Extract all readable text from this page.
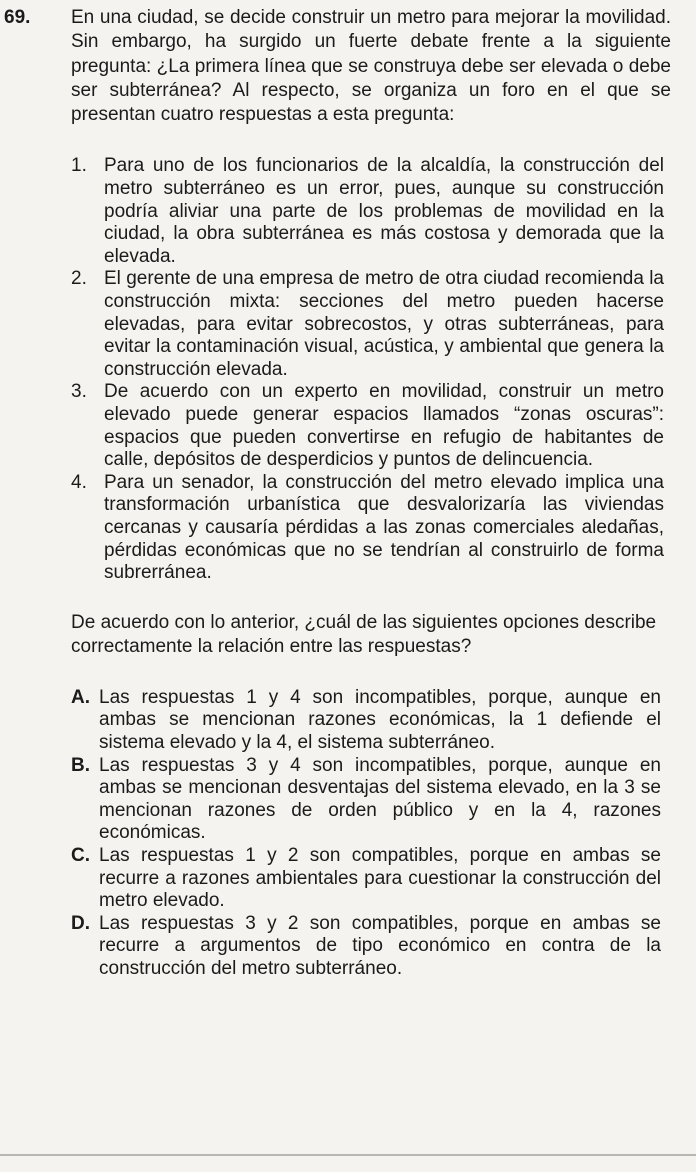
69. En una ciudad, se decide construir un metro para mejorar la movilidad. Sin embargo, ha surgido un fuerte debate frente a la siguiente pregunta: ¿La primera línea que se construya debe ser elevada o debe ser subterránea? Al respecto, se organiza un foro en el que se presentan cuatro respuestas a esta pregunta:

1. Para uno de los funcionarios de la alcaldía, la construcción del metro subterráneo es un error, pues, aunque su construcción podría aliviar una parte de los problemas de movilidad en la ciudad, la obra subterránea es más costosa y demorada que la elevada.
2. El gerente de una empresa de metro de otra ciudad recomienda la construcción mixta: secciones del metro pueden hacerse elevadas, para evitar sobrecostos, y otras subterráneas, para evitar la contaminación visual, acústica, y ambiental que genera la construcción elevada.
3. De acuerdo con un experto en movilidad, construir un metro elevado puede generar espacios llamados “zonas oscuras”: espacios que pueden convertirse en refugio de habitantes de calle, depósitos de desperdicios y puntos de delincuencia.
4. Para un senador, la construcción del metro elevado implica una transformación urbanística que desvalorizaría las viviendas cercanas y causaría pérdidas a las zonas comerciales aledañas, pérdidas económicas que no se tendrían al construirlo de forma subrerránea.

De acuerdo con lo anterior, ¿cuál de las siguientes opciones describe correctamente la relación entre las respuestas?

A. Las respuestas 1 y 4 son incompatibles, porque, aunque en ambas se mencionan razones económicas, la 1 defiende el sistema elevado y la 4, el sistema subterráneo.
B. Las respuestas 3 y 4 son incompatibles, porque, aunque en ambas se mencionan desventajas del sistema elevado, en la 3 se mencionan razones de orden público y en la 4, razones económicas.
C. Las respuestas 1 y 2 son compatibles, porque en ambas se recurre a razones ambientales para cuestionar la construcción del metro elevado.
D. Las respuestas 3 y 2 son compatibles, porque en ambas se recurre a argumentos de tipo económico en contra de la construcción del metro subterráneo.
